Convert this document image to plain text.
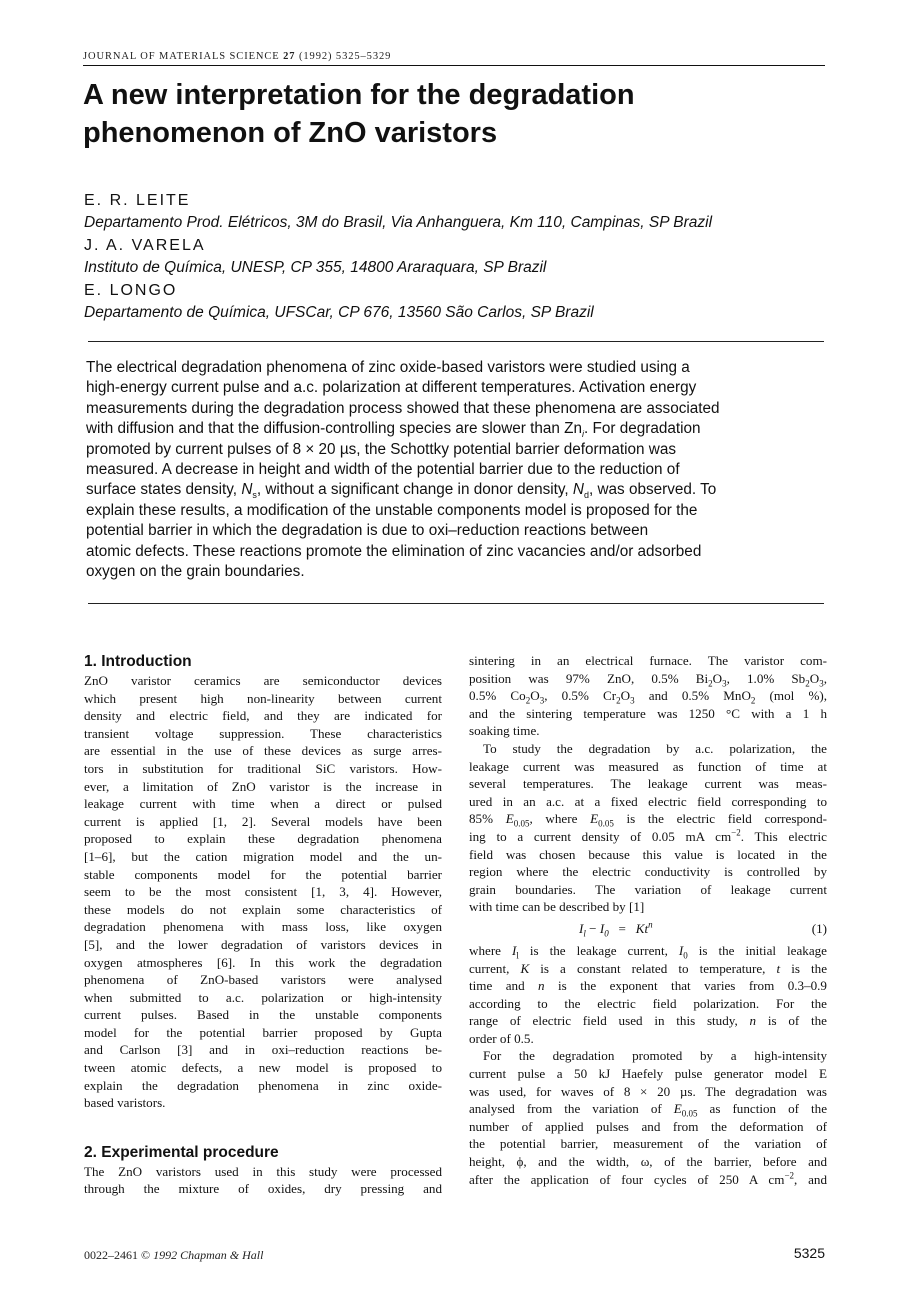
JOURNAL OF MATERIALS SCIENCE 27 (1992) 5325–5329
A new interpretation for the degradation
phenomenon of ZnO varistors
E. R. LEITE
Departamento Prod. Elétricos, 3M do Brasil, Via Anhanguera, Km 110, Campinas, SP Brazil
J. A. VARELA
Instituto de Química, UNESP, CP 355, 14800 Araraquara, SP Brazil
E. LONGO
Departamento de Química, UFSCar, CP 676, 13560 São Carlos, SP Brazil
The electrical degradation phenomena of zinc oxide-based varistors were studied using a
high-energy current pulse and a.c. polarization at different temperatures. Activation energy
measurements during the degradation process showed that these phenomena are associated
with diffusion and that the diffusion-controlling species are slower than $Zn_i$. For degradation
promoted by current pulses of 8 × 20 µs, the Schottky potential barrier deformation was
measured. A decrease in height and width of the potential barrier due to the reduction of
surface states density, $N_s$, without a significant change in donor density, $N_d$, was observed. To
explain these results, a modification of the unstable components model is proposed for the
potential barrier in which the degradation is due to oxi–reduction reactions between
atomic defects. These reactions promote the elimination of zinc vacancies and/or adsorbed
oxygen on the grain boundaries.
1. Introduction
ZnO varistor ceramics are semiconductor devices
which present high non-linearity between current
density and electric field, and they are indicated for
transient voltage suppression. These characteristics
are essential in the use of these devices as surge arres-
tors in substitution for traditional SiC varistors. How-
ever, a limitation of ZnO varistor is the increase in
leakage current with time when a direct or pulsed
current is applied [1, 2]. Several models have been
proposed to explain these degradation phenomena
[1–6], but the cation migration model and the un-
stable components model for the potential barrier
seem to be the most consistent [1, 3, 4]. However,
these models do not explain some characteristics of
degradation phenomena with mass loss, like oxygen
[5], and the lower degradation of varistors devices in
oxygen atmospheres [6]. In this work the degradation
phenomena of ZnO-based varistors were analysed
when submitted to a.c. polarization or high-intensity
current pulses. Based in the unstable components
model for the potential barrier proposed by Gupta
and Carlson [3] and in oxi–reduction reactions be-
tween atomic defects, a new model is proposed to
explain the degradation phenomena in zinc oxide-
based varistors.
2. Experimental procedure
The ZnO varistors used in this study were processed
through the mixture of oxides, dry pressing and
sintering in an electrical furnace. The varistor com-
position was 97% ZnO, 0.5% $Bi_2O_3$, 1.0% $Sb_2O_3$,
0.5% $Co_2O_3$, 0.5% $Cr_2O_3$ and 0.5% MnO$_2$ (mol %),
and the sintering temperature was 1250 °C with a 1 h
soaking time.
To study the degradation by a.c. polarization, the
leakage current was measured as function of time at
several temperatures. The leakage current was meas-
ured in an a.c. at a fixed electric field corresponding to
85% $E_{0.05}$, where $E_{0.05}$ is the electric field correspond-
ing to a current density of 0.05 mA $cm^{-2}$. This electric
field was chosen because this value is located in the
region where the electric conductivity is controlled by
grain boundaries. The variation of leakage current
with time can be described by [1]
$I_l - I_0 = Kt^n$	(1)
where $I_l$ is the leakage current, $I_0$ is the initial leakage
current, K is a constant related to temperature, t is the
time and n is the exponent that varies from 0.3–0.9
according to the electric field polarization. For the
range of electric field used in this study, n is of the
order of 0.5.
For the degradation promoted by a high-intensity
current pulse a 50 kJ Haefely pulse generator model E
was used, for waves of 8 × 20 µs. The degradation was
analysed from the variation of $E_{0.05}$ as function of the
number of applied pulses and from the deformation of
the potential barrier, measurement of the variation of
height, ϕ, and the width, ω, of the barrier, before and
after the application of four cycles of 250 A $cm^{-2}$, and
0022–2461 © 1992 Chapman & Hall	5325
